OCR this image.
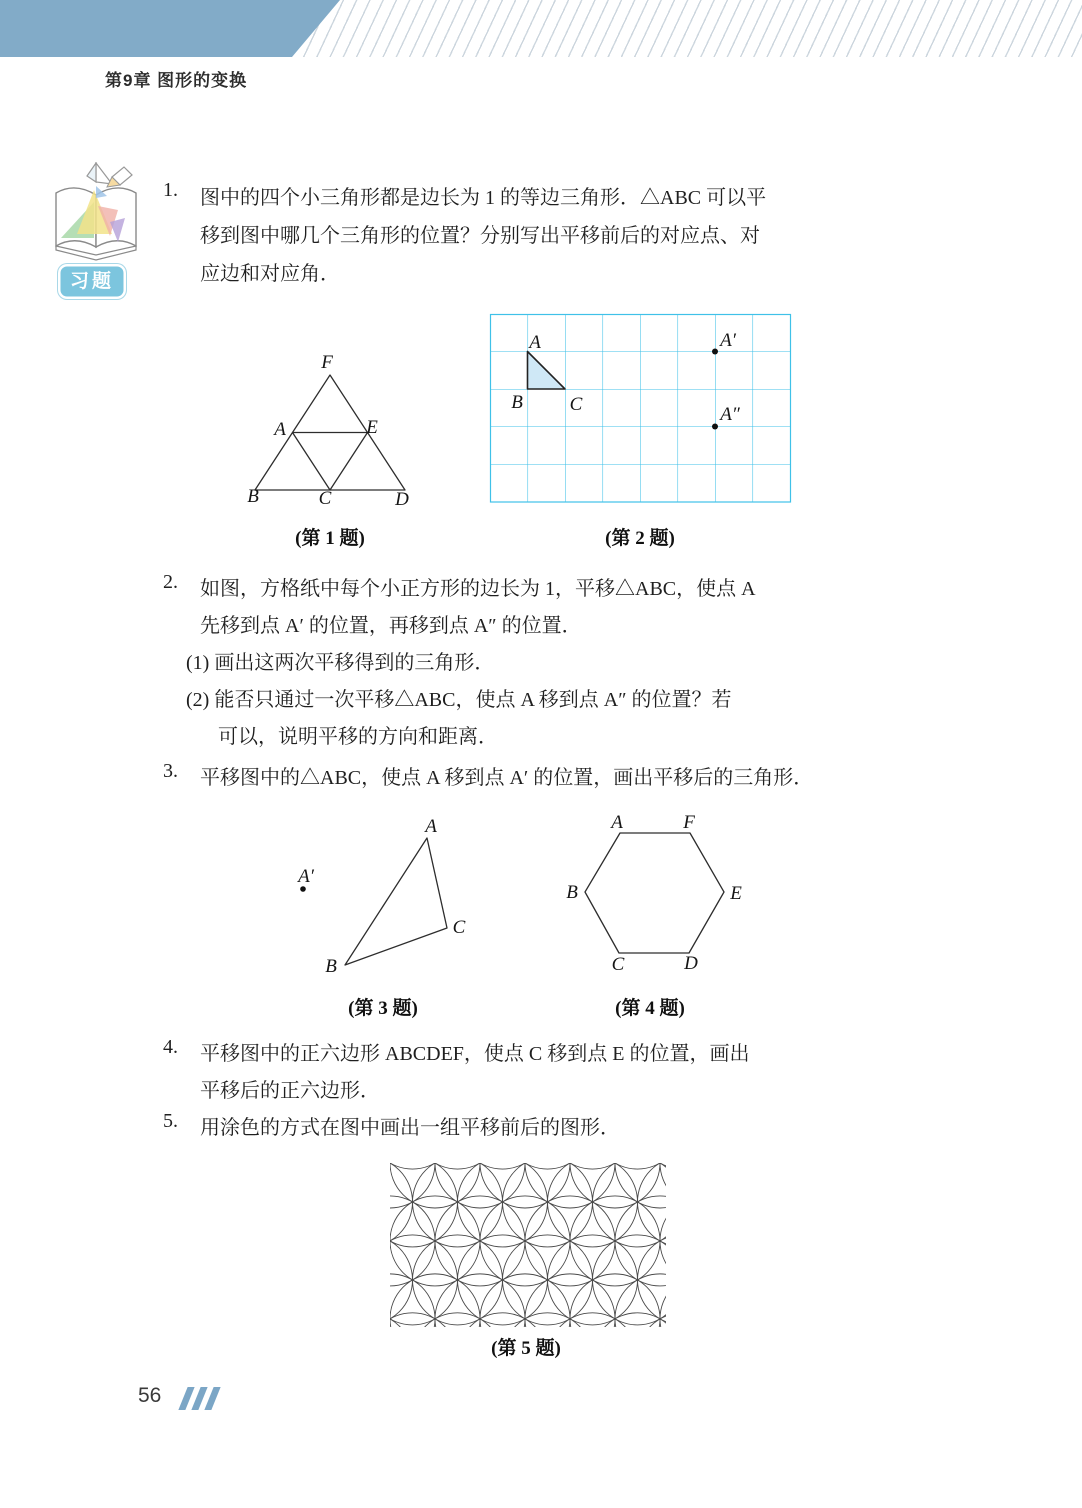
第9章 图形的变换
习题
1.	图中的四个小三角形都是边长为 1 的等边三角形．△ABC 可以平
移到图中哪几个三角形的位置？分别写出平移前后的对应点、对
应边和对应角．
F
A	E
B	C	D
(第 1 题)
A
B C
A′
A″
(第 2 题)
2.	如图，方格纸中每个小正方形的边长为 1，平移△ABC，使点 A
先移到点 A′ 的位置，再移到点 A″ 的位置．
(1) 画出这两次平移得到的三角形．
(2) 能否只通过一次平移△ABC，使点 A 移到点 A″ 的位置？若
可以，说明平移的方向和距离．
3.	平移图中的△ABC，使点 A 移到点 A′ 的位置，画出平移后的三角形．
A
B
C
A′
(第 3 题)
A	F
B	E
C	D
(第 4 题)
4.	平移图中的正六边形 ABCDEF，使点 C 移到点 E 的位置，画出
平移后的正六边形．
5.	用涂色的方式在图中画出一组平移前后的图形．
(第 5 题)
56
